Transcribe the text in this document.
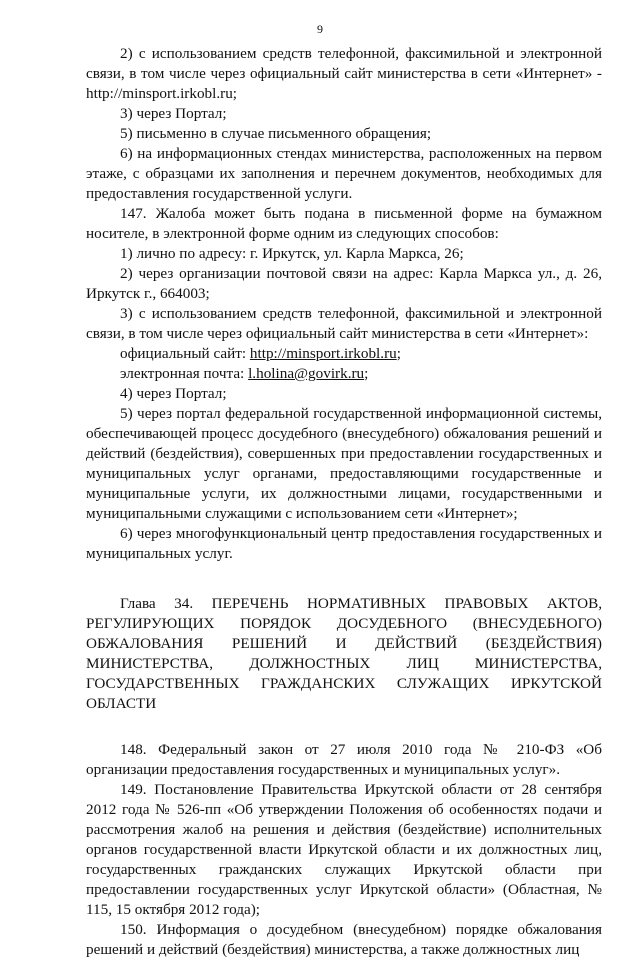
9

2) с использованием средств телефонной, факсимильной и электронной связи, в том числе через официальный сайт министерства в сети «Интернет» - http://minsport.irkobl.ru;

3) через Портал;

5) письменно в случае письменного обращения;

6) на информационных стендах министерства, расположенных на первом этаже, с образцами их заполнения и перечнем документов, необходимых для предоставления государственной услуги.

147. Жалоба может быть подана в письменной форме на бумажном носителе, в электронной форме одним из следующих способов:

1) лично по адресу: г. Иркутск, ул. Карла Маркса, 26;

2) через организации почтовой связи на адрес: Карла Маркса ул., д. 26, Иркутск г., 664003;

3) с использованием средств телефонной, факсимильной и электронной связи, в том числе через официальный сайт министерства в сети «Интернет»:

официальный сайт: http://minsport.irkobl.ru;

электронная почта: l.holina@govirk.ru;

4) через Портал;

5) через портал федеральной государственной информационной системы, обеспечивающей процесс досудебного (внесудебного) обжалования решений и действий (бездействия), совершенных при предоставлении государственных и муниципальных услуг органами, предоставляющими государственные и муниципальные услуги, их должностными лицами, государственными и муниципальными служащими с использованием сети «Интернет»;

6) через многофункциональный центр предоставления государственных и муниципальных услуг.

Глава 34. ПЕРЕЧЕНЬ НОРМАТИВНЫХ ПРАВОВЫХ АКТОВ, РЕГУЛИРУЮЩИХ ПОРЯДОК ДОСУДЕБНОГО (ВНЕСУДЕБНОГО) ОБЖАЛОВАНИЯ РЕШЕНИЙ И ДЕЙСТВИЙ (БЕЗДЕЙСТВИЯ) МИНИСТЕРСТВА, ДОЛЖНОСТНЫХ ЛИЦ МИНИСТЕРСТВА, ГОСУДАРСТВЕННЫХ ГРАЖДАНСКИХ СЛУЖАЩИХ ИРКУТСКОЙ
ОБЛАСТИ

148. Федеральный закон от 27 июля 2010 года № 210-ФЗ «Об организации предоставления государственных и муниципальных услуг».

149. Постановление Правительства Иркутской области от 28 сентября 2012 года № 526-пп «Об утверждении Положения об особенностях подачи и рассмотрения жалоб на решения и действия (бездействие) исполнительных органов государственной власти Иркутской области и их должностных лиц, государственных гражданских служащих Иркутской области при предоставлении государственных услуг Иркутской области» (Областная, № 115, 15 октября 2012 года);

150. Информация о досудебном (внесудебном) порядке обжалования решений и действий (бездействия) министерства, а также должностных лиц
